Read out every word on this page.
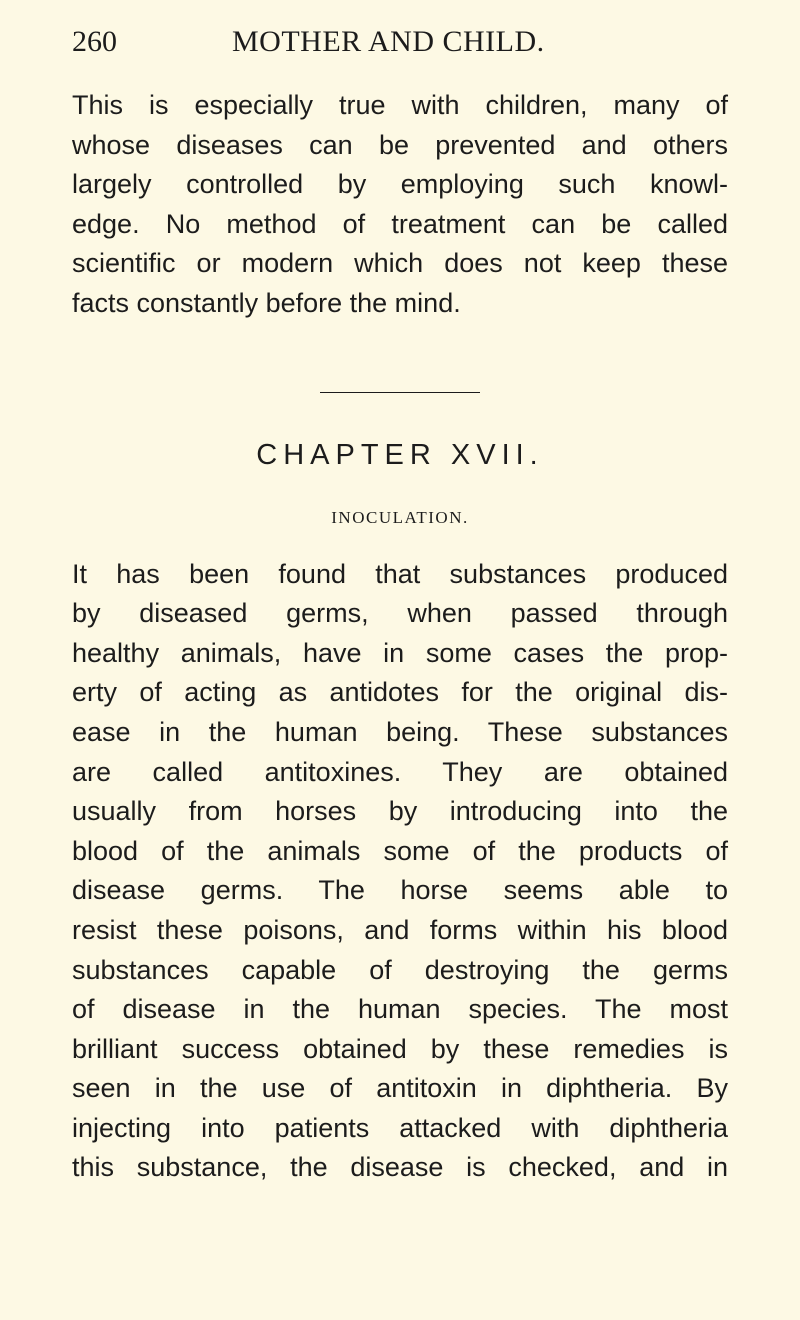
260	MOTHER AND CHILD.
This is especially true with children, many of
whose diseases can be prevented and others
largely controlled by employing such knowl-
edge. No method of treatment can be called
scientific or modern which does not keep these
facts constantly before the mind.
CHAPTER XVII.
INOCULATION.
It has been found that substances produced
by diseased germs, when passed through
healthy animals, have in some cases the prop-
erty of acting as antidotes for the original dis-
ease in the human being. These substances
are called antitoxines. They are obtained
usually from horses by introducing into the
blood of the animals some of the products of
disease germs. The horse seems able to
resist these poisons, and forms within his blood
substances capable of destroying the germs
of disease in the human species. The most
brilliant success obtained by these remedies is
seen in the use of antitoxin in diphtheria. By
injecting into patients attacked with diphtheria
this substance, the disease is checked, and in
